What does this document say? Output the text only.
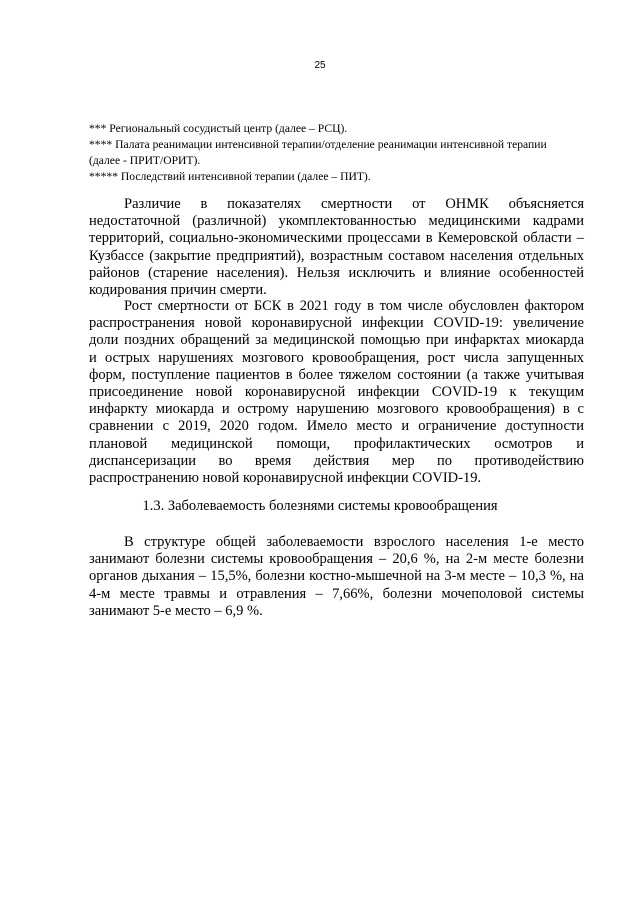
25
*** Региональный сосудистый центр (далее – РСЦ).
**** Палата реанимации интенсивной терапии/отделение реанимации интенсивной терапии
(далее - ПРИТ/ОРИТ).
***** Последствий интенсивной терапии (далее – ПИТ).
Различие в показателях смертности от ОНМК объясняется
недостаточной (различной) укомплектованностью медицинскими кадрами
территорий, социально-экономическими процессами в Кемеровской области –
Кузбассе (закрытие предприятий), возрастным составом населения отдельных
районов (старение населения). Нельзя исключить и влияние особенностей
кодирования причин смерти.
Рост смертности от БСК в 2021 году в том числе обусловлен фактором
распространения новой коронавирусной инфекции COVID-19: увеличение
доли поздних обращений за медицинской помощью при инфарктах миокарда
и острых нарушениях мозгового кровообращения, рост числа запущенных
форм, поступление пациентов в более тяжелом состоянии (а также учитывая
присоединение новой коронавирусной инфекции COVID-19 к текущим
инфаркту миокарда и острому нарушению мозгового кровообращения) в с
сравнении с 2019, 2020 годом. Имело место и ограничение доступности
плановой медицинской помощи, профилактических осмотров и
диспансеризации во время действия мер по противодействию
распространению новой коронавирусной инфекции COVID-19.
1.3. Заболеваемость болезнями системы кровообращения
В структуре общей заболеваемости взрослого населения 1-е место
занимают болезни системы кровообращения – 20,6 %, на 2-м месте болезни
органов дыхания – 15,5%, болезни костно-мышечной на 3-м месте – 10,3 %, на
4-м месте травмы и отравления – 7,66%, болезни мочеполовой системы
занимают 5-е место – 6,9 %.
